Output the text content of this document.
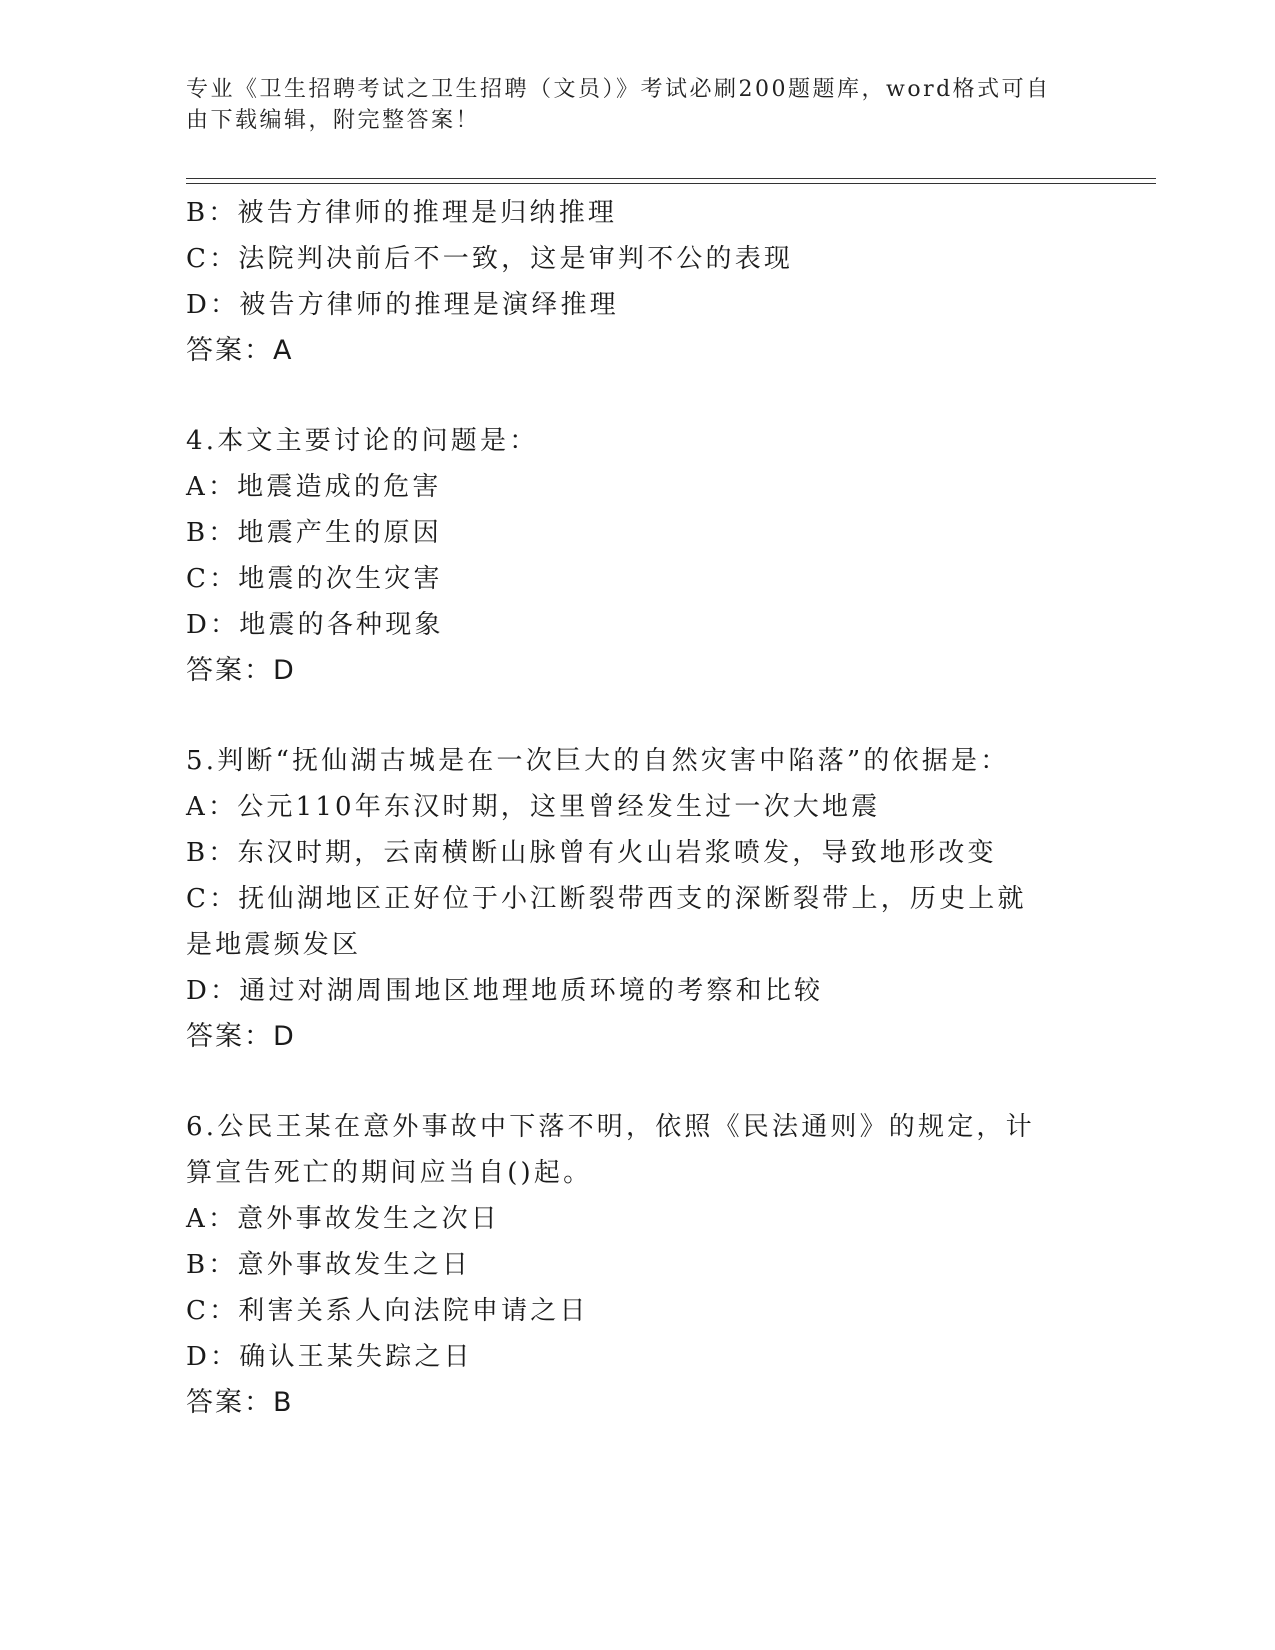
专业《卫生招聘考试之卫生招聘（文员）》考试必刷200题题库，word格式可自由下载编辑，附完整答案！
B：被告方律师的推理是归纳推理
C：法院判决前后不一致，这是审判不公的表现
D：被告方律师的推理是演绎推理
答案：A
4.本文主要讨论的问题是：
A：地震造成的危害
B：地震产生的原因
C：地震的次生灾害
D：地震的各种现象
答案：D
5.判断“抚仙湖古城是在一次巨大的自然灾害中陷落”的依据是：
A：公元110年东汉时期，这里曾经发生过一次大地震
B：东汉时期，云南横断山脉曾有火山岩浆喷发，导致地形改变
C：抚仙湖地区正好位于小江断裂带西支的深断裂带上，历史上就是地震频发区
D：通过对湖周围地区地理地质环境的考察和比较
答案：D
6.公民王某在意外事故中下落不明，依照《民法通则》的规定，计算宣告死亡的期间应当自()起。
A：意外事故发生之次日
B：意外事故发生之日
C：利害关系人向法院申请之日
D：确认王某失踪之日
答案：B
